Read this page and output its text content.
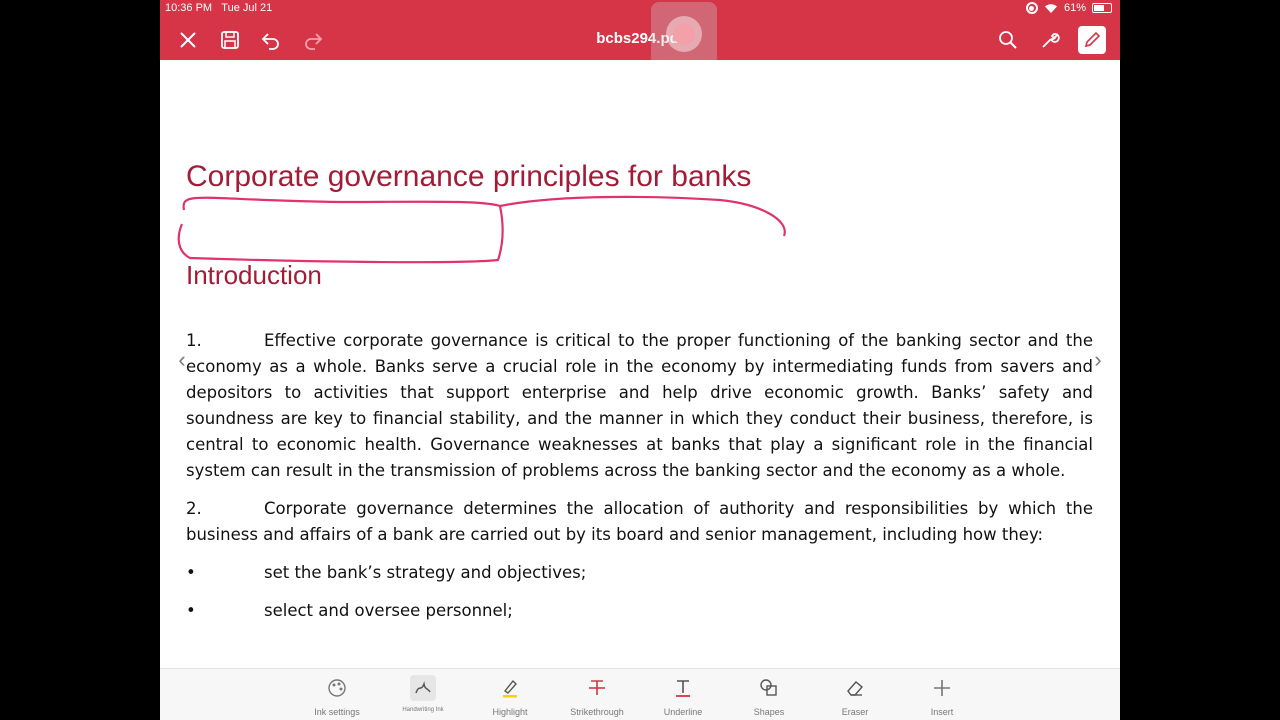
10:36 PM Tue Jul 21	61%
bcbs294.pdf
Corporate governance principles for banks
Introduction
1.	Effective corporate governance is critical to the proper functioning of the banking sector and the economy as a whole. Banks serve a crucial role in the economy by intermediating funds from savers and depositors to activities that support enterprise and help drive economic growth. Banks’ safety and soundness are key to financial stability, and the manner in which they conduct their business, therefore, is central to economic health. Governance weaknesses at banks that play a significant role in the financial system can result in the transmission of problems across the banking sector and the economy as a whole.
2.	Corporate governance determines the allocation of authority and responsibilities by which the business and affairs of a bank are carried out by its board and senior management, including how they:
•	set the bank’s strategy and objectives;
•	select and oversee personnel;
‹	›
Ink settings	Handwriting Ink	Highlight	Strikethrough	Underline	Shapes	Eraser	Insert
